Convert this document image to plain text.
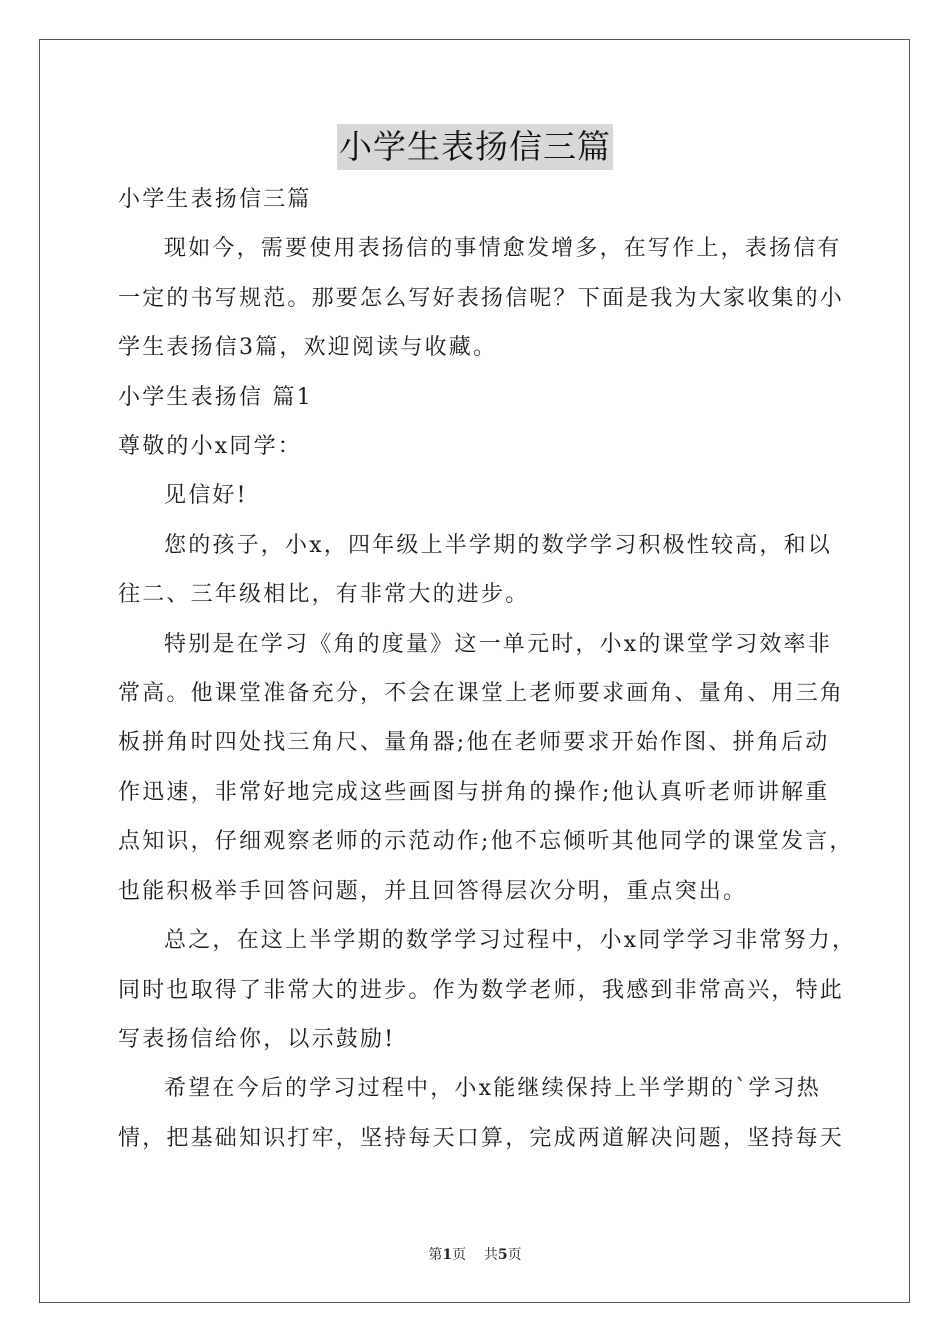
小学生表扬信三篇
小学生表扬信三篇
现如今，需要使用表扬信的事情愈发增多，在写作上，表扬信有
一定的书写规范。那要怎么写好表扬信呢？下面是我为大家收集的小
学生表扬信3篇，欢迎阅读与收藏。
小学生表扬信 篇1
尊敬的小x同学：
见信好!
您的孩子，小x，四年级上半学期的数学学习积极性较高，和以
往二、三年级相比，有非常大的进步。
特别是在学习《角的度量》这一单元时，小x的课堂学习效率非
常高。他课堂准备充分，不会在课堂上老师要求画角、量角、用三角
板拼角时四处找三角尺、量角器;他在老师要求开始作图、拼角后动
作迅速，非常好地完成这些画图与拼角的操作;他认真听老师讲解重
点知识，仔细观察老师的示范动作;他不忘倾听其他同学的课堂发言，
也能积极举手回答问题，并且回答得层次分明，重点突出。
总之，在这上半学期的数学学习过程中，小x同学学习非常努力，
同时也取得了非常大的进步。作为数学老师，我感到非常高兴，特此
写表扬信给你，以示鼓励!
希望在今后的学习过程中，小x能继续保持上半学期的`学习热
情，把基础知识打牢，坚持每天口算，完成两道解决问题，坚持每天
第1页 共5页
